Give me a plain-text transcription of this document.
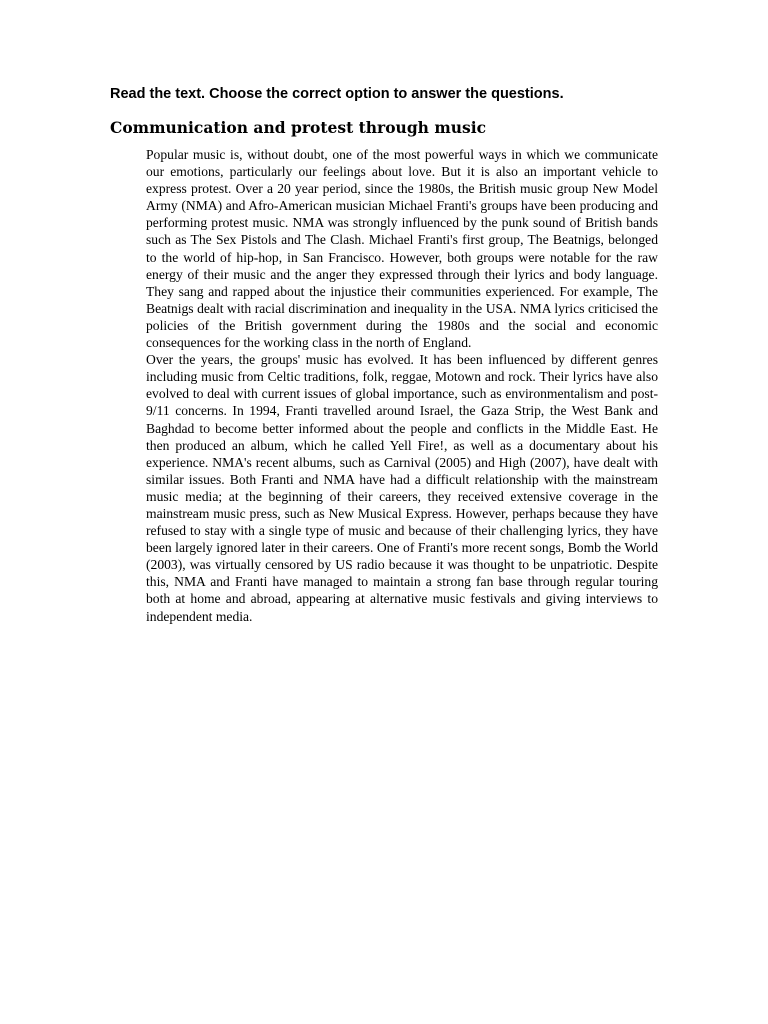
Read the text. Choose the correct option to answer the questions.

Communication and protest through music

Popular music is, without doubt, one of the most powerful ways in which we communicate our emotions, particularly our feelings about love. But it is also an important vehicle to express protest. Over a 20 year period, since the 1980s, the British music group New Model Army (NMA) and Afro-American musician Michael Franti's groups have been producing and performing protest music. NMA was strongly influenced by the punk sound of British bands such as The Sex Pistols and The Clash. Michael Franti's first group, The Beatnigs, belonged to the world of hip-hop, in San Francisco. However, both groups were notable for the raw energy of their music and the anger they expressed through their lyrics and body language. They sang and rapped about the injustice their communities experienced. For example, The Beatnigs dealt with racial discrimination and inequality in the USA. NMA lyrics criticised the policies of the British government during the 1980s and the social and economic consequences for the working class in the north of England.

Over the years, the groups' music has evolved. It has been influenced by different genres including music from Celtic traditions, folk, reggae, Motown and rock. Their lyrics have also evolved to deal with current issues of global importance, such as environmentalism and post-9/11 concerns. In 1994, Franti travelled around Israel, the Gaza Strip, the West Bank and Baghdad to become better informed about the people and conflicts in the Middle East. He then produced an album, which he called Yell Fire!, as well as a documentary about his experience. NMA's recent albums, such as Carnival (2005) and High (2007), have dealt with similar issues. Both Franti and NMA have had a difficult relationship with the mainstream music media; at the beginning of their careers, they received extensive coverage in the mainstream music press, such as New Musical Express. However, perhaps because they have refused to stay with a single type of music and because of their challenging lyrics, they have been largely ignored later in their careers. One of Franti's more recent songs, Bomb the World (2003), was virtually censored by US radio because it was thought to be unpatriotic. Despite this, NMA and Franti have managed to maintain a strong fan base through regular touring both at home and abroad, appearing at alternative music festivals and giving interviews to independent media.
